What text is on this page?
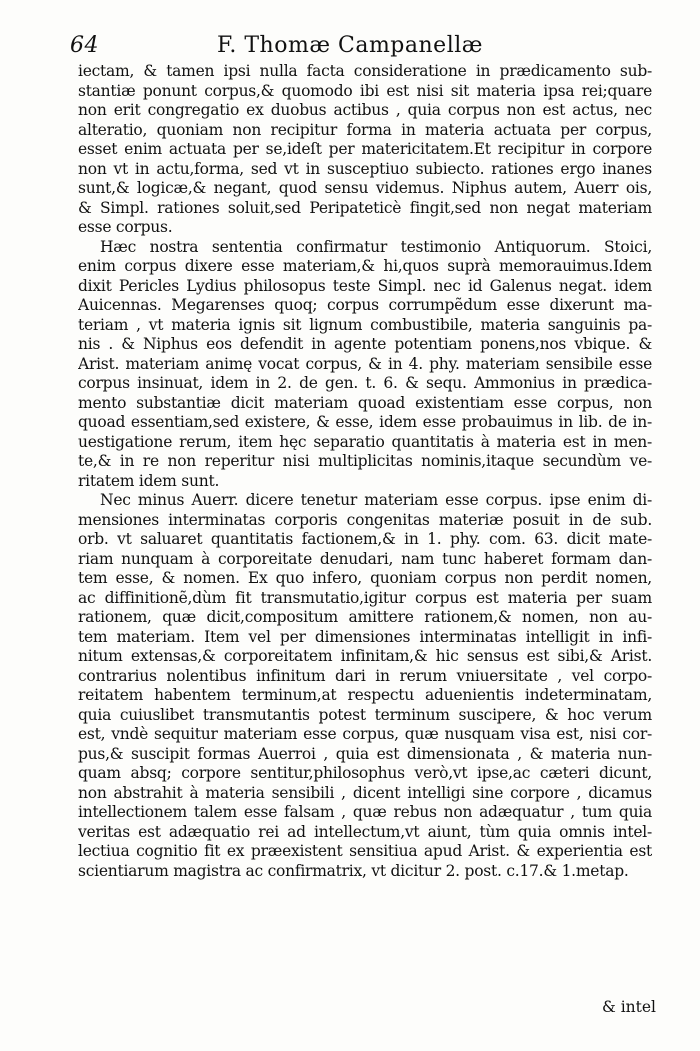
64	F. Thomæ Campanellæ
iectam, & tamen ipsi nulla facta consideratione in prædicamento sub-
stantiæ ponunt corpus,& quomodo ibi est nisi sit materia ipsa rei;quare
non erit congregatio ex duobus actibus , quia corpus non est actus, nec
alteratio, quoniam non recipitur forma in materia actuata per corpus,
esset enim actuata per se,ideſt per matericitatem.Et recipitur in corpore
non vt in actu,forma, sed vt in susceptiuo subiecto. rationes ergo inanes
sunt,& logicæ,& negant, quod sensu videmus. Niphus autem, Auerr ois,
& Simpl. rationes soluit,sed Peripateticè fingit,sed non negat materiam
esse corpus.
Hæc nostra sententia confirmatur testimonio Antiquorum. Stoici,
enim corpus dixere esse materiam,& hi,quos suprà memorauimus.Idem
dixit Pericles Lydius philosopus teste Simpl. nec id Galenus negat. idem
Auicennas. Megarenses quoq; corpus corrumpẽdum esse dixerunt ma-
teriam , vt materia ignis sit lignum combustibile, materia sanguinis pa-
nis . & Niphus eos defendit in agente potentiam ponens,nos vbique. &
Arist. materiam animę vocat corpus, & in 4. phy. materiam sensibile esse
corpus insinuat, idem in 2. de gen. t. 6. & sequ. Ammonius in prædica-
mento substantiæ dicit materiam quoad existentiam esse corpus, non
quoad essentiam,sed existere, & esse, idem esse probauimus in lib. de in-
uestigatione rerum, item hęc separatio quantitatis à materia est in men-
te,& in re non reperitur nisi multiplicitas nominis,itaque secundùm ve-
ritatem idem sunt.
Nec minus Auerr. dicere tenetur materiam esse corpus. ipse enim di-
mensiones interminatas corporis congenitas materiæ posuit in de sub.
orb. vt saluaret quantitatis factionem,& in 1. phy. com. 63. dicit mate-
riam nunquam à corporeitate denudari, nam tunc haberet formam dan-
tem esse, & nomen. Ex quo infero, quoniam corpus non perdit nomen,
ac diffinitionẽ,dùm fit transmutatio,igitur corpus est materia per suam
rationem, quæ dicit,compositum amittere rationem,& nomen, non au-
tem materiam. Item vel per dimensiones interminatas intelligit in infi-
nitum extensas,& corporeitatem infinitam,& hic sensus est sibi,& Arist.
contrarius nolentibus infinitum dari in rerum vniuersitate , vel corpo-
reitatem habentem terminum,at respectu aduenientis indeterminatam,
quia cuiuslibet transmutantis potest terminum suscipere, & hoc verum
est, vndè sequitur materiam esse corpus, quæ nusquam visa est, nisi cor-
pus,& suscipit formas Auerroi , quia est dimensionata , & materia nun-
quam absq; corpore sentitur,philosophus verò,vt ipse,ac cæteri dicunt,
non abstrahit à materia sensibili , dicent intelligi sine corpore , dicamus
intellectionem talem esse falsam , quæ rebus non adæquatur , tum quia
veritas est adæquatio rei ad intellectum,vt aiunt, tùm quia omnis intel-
lectiua cognitio fit ex præexistent sensitiua apud Arist. & experientia est
scientiarum magistra ac confirmatrix, vt dicitur 2. post. c.17.& 1.metap.
& intel
